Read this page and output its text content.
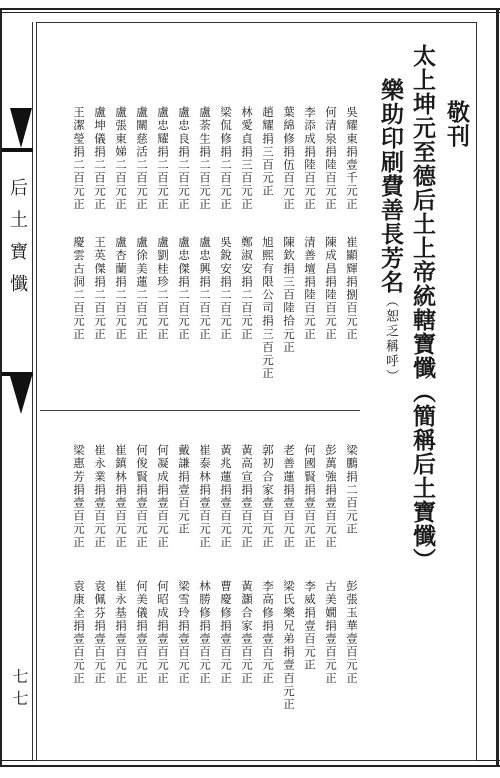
后土寶懺
七七
敬刊
太上坤元至德后土上帝統轄寶懺（簡稱后土寶懺）
樂助印刷費善長芳名（恕乏稱呼）
吳耀東捐壹千元正
崔顯輝捐捌百元正
何清泉捐陸百元正
陳成昌捐陸百元正
李添成捐陸百元正
清善壇捐陸百元正
葉綿修捐伍百元正
陳欽捐三百陸拾元正
趙耀捐三百元正
旭熙有限公司捐三百元正
林愛貞捐三百元正
鄭淑安捐二百元正
梁侃修捐二百元正
吳銳安捐二百元正
盧荼生捐二百元正
盧忠興捐二百元正
盧忠良捐二百元正
盧忠傑捐二百元正
盧忠耀捐二百元正
盧劉桂珍二百元正
盧關慈活二百元正
盧徐美蓮二百元正
盧張東娣二百元正
盧杏蘭捐二百元正
盧坤儀捐二百元正
王英傑捐二百元正
王潔瑩捐二百元正
慶雲古洞二百元正
梁鵬捐二百元正
彭張玉華壹百元正
彭萬強捐壹百元正
古美嫺捐壹百元正
何國賢捐壹百元正
李威捐壹百元正
老善蓮捐壹百元正
梁氏樂兄弟捐壹百元正
郭初合家壹百元正
李高修捐壹百元正
黃高宣捐壹百元正
黃灝合家壹百元正
黃兆蓮捐壹百元正
曹慶修捐壹百元正
崔泰林捐壹百元正
林勝修捐壹百元正
戴謙捐壹百元正
梁雪玲捐壹百元正
何凝成捐壹百元正
何昭成捐壹百元正
何俊賢捐壹百元正
何美儀捐壹百元正
崔鎮林捐壹百元正
崔永基捐壹百元正
崔永業捐壹百元正
袁佩芬捐壹百元正
梁惠芳捐壹百元正
袁康全捐壹百元正
